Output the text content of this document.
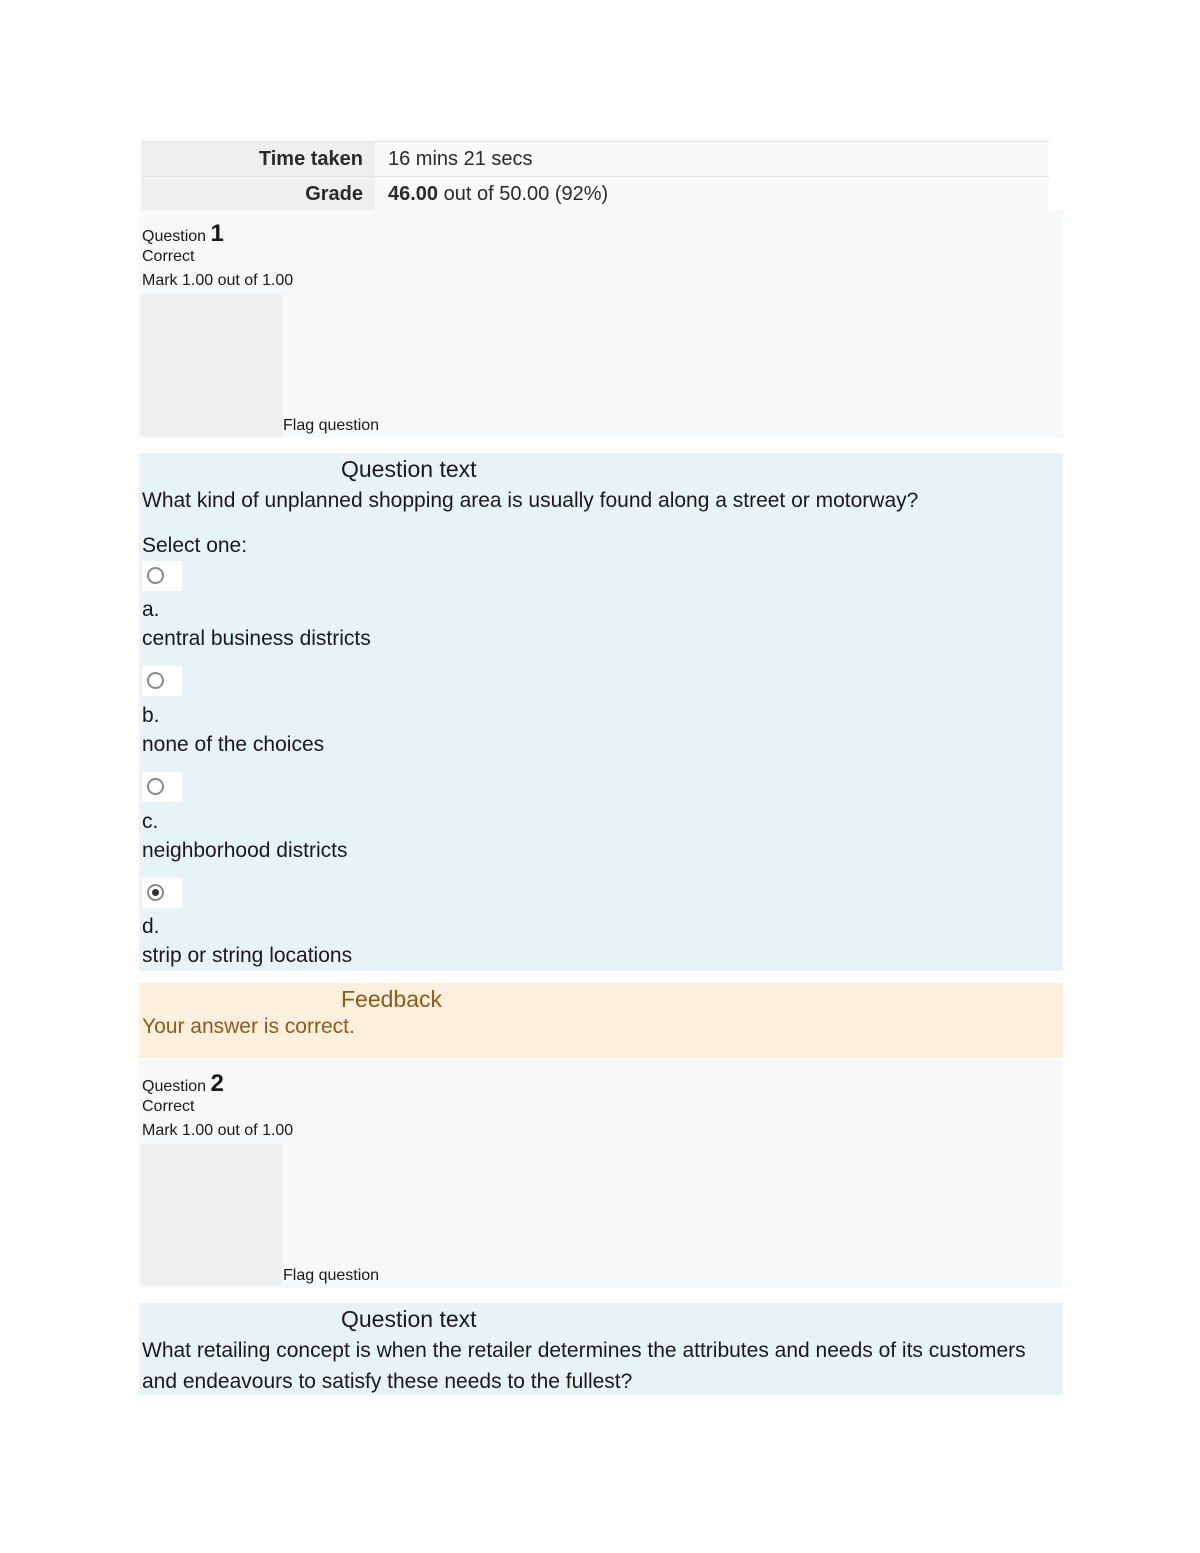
Time taken	16 mins 21 secs
Grade	46.00 out of 50.00 (92%)
Question 1
Correct
Mark 1.00 out of 1.00
Flag question
Question text
What kind of unplanned shopping area is usually found along a street or motorway?
Select one:
a.
central business districts
b.
none of the choices
c.
neighborhood districts
d.
strip or string locations
Feedback
Your answer is correct.
Question 2
Correct
Mark 1.00 out of 1.00
Flag question
Question text
What retailing concept is when the retailer determines the attributes and needs of its customers and endeavours to satisfy these needs to the fullest?
